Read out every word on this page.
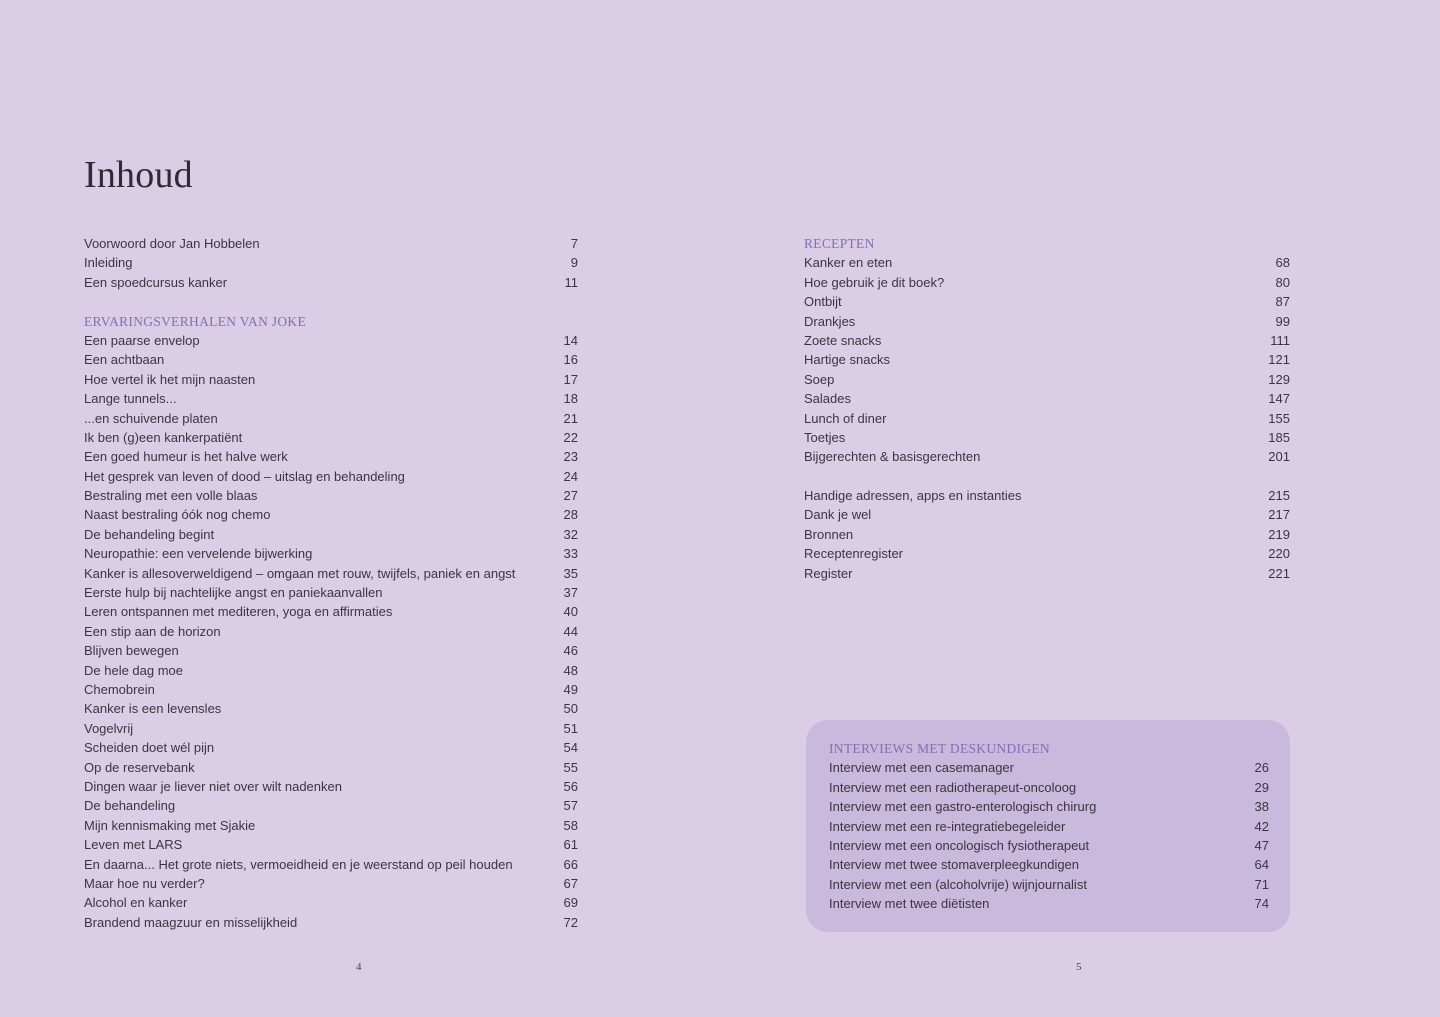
Inhoud
Voorwoord door Jan Hobbelen	7
Inleiding	9
Een spoedcursus kanker	11
ERVARINGSVERHALEN VAN JOKE
Een paarse envelop	14
Een achtbaan	16
Hoe vertel ik het mijn naasten	17
Lange tunnels...	18
...en schuivende platen	21
Ik ben (g)een kankerpatiënt	22
Een goed humeur is het halve werk	23
Het gesprek van leven of dood – uitslag en behandeling	24
Bestraling met een volle blaas	27
Naast bestraling óók nog chemo	28
De behandeling begint	32
Neuropathie: een vervelende bijwerking	33
Kanker is allesoverweldigend – omgaan met rouw, twijfels, paniek en angst	35
Eerste hulp bij nachtelijke angst en paniekaanvallen	37
Leren ontspannen met mediteren, yoga en affirmaties	40
Een stip aan de horizon	44
Blijven bewegen	46
De hele dag moe	48
Chemobrein	49
Kanker is een levensles	50
Vogelvrij	51
Scheiden doet wél pijn	54
Op de reservebank	55
Dingen waar je liever niet over wilt nadenken	56
De behandeling	57
Mijn kennismaking met Sjakie	58
Leven met LARS	61
En daarna... Het grote niets, vermoeidheid en je weerstand op peil houden	66
Maar hoe nu verder?	67
Alcohol en kanker	69
Brandend maagzuur en misselijkheid	72
RECEPTEN
Kanker en eten	68
Hoe gebruik je dit boek?	80
Ontbijt	87
Drankjes	99
Zoete snacks	111
Hartige snacks	121
Soep	129
Salades	147
Lunch of diner	155
Toetjes	185
Bijgerechten & basisgerechten	201
Handige adressen, apps en instanties	215
Dank je wel	217
Bronnen	219
Receptenregister	220
Register	221
INTERVIEWS MET DESKUNDIGEN
Interview met een casemanager	26
Interview met een radiotherapeut-oncoloog	29
Interview met een gastro-enterologisch chirurg	38
Interview met een re-integratiebegeleider	42
Interview met een oncologisch fysiotherapeut	47
Interview met twee stomaverpleegkundigen	64
Interview met een (alcoholvrije) wijnjournalist	71
Interview met twee diëtisten	74
4	5
